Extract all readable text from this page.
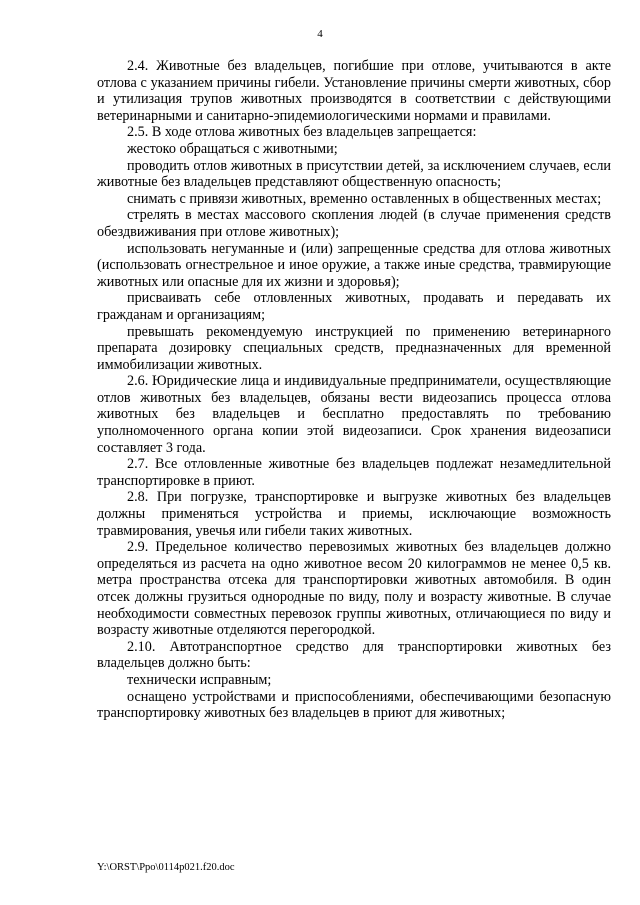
4

2.4. Животные без владельцев, погибшие при отлове, учитываются в акте отлова с указанием причины гибели. Установление причины смерти животных, сбор и утилизация трупов животных производятся в соответствии с действующими ветеринарными и санитарно-эпидемиологическими нормами и правилами.

2.5. В ходе отлова животных без владельцев запрещается:

жестоко обращаться с животными;

проводить отлов животных в присутствии детей, за исключением случаев, если животные без владельцев представляют общественную опасность;

снимать с привязи животных, временно оставленных в общественных местах;

стрелять в местах массового скопления людей (в случае применения средств обездвиживания при отлове животных);

использовать негуманные и (или) запрещенные средства для отлова животных (использовать огнестрельное и иное оружие, а также иные средства, травмирующие животных или опасные для их жизни и здоровья);

присваивать себе отловленных животных, продавать и передавать их гражданам и организациям;

превышать рекомендуемую инструкцией по применению ветеринарного препарата дозировку специальных средств, предназначенных для временной иммобилизации животных.

2.6. Юридические лица и индивидуальные предприниматели, осуществляющие отлов животных без владельцев, обязаны вести видеозапись процесса отлова животных без владельцев и бесплатно предоставлять по требованию уполномоченного органа копии этой видеозаписи. Срок хранения видеозаписи составляет 3 года.

2.7. Все отловленные животные без владельцев подлежат незамедлительной транспортировке в приют.

2.8. При погрузке, транспортировке и выгрузке животных без владельцев должны применяться устройства и приемы, исключающие возможность травмирования, увечья или гибели таких животных.

2.9. Предельное количество перевозимых животных без владельцев должно определяться из расчета на одно животное весом 20 килограммов не менее 0,5 кв. метра пространства отсека для транспортировки животных автомобиля. В один отсек должны грузиться однородные по виду, полу и возрасту животные. В случае необходимости совместных перевозок группы животных, отличающиеся по виду и возрасту животные отделяются перегородкой.

2.10. Автотранспортное средство для транспортировки животных без владельцев должно быть:

технически исправным;

оснащено устройствами и приспособлениями, обеспечивающими безопасную транспортировку животных без владельцев в приют для животных;

Y:\ORST\Ppo\0114p021.f20.doc
